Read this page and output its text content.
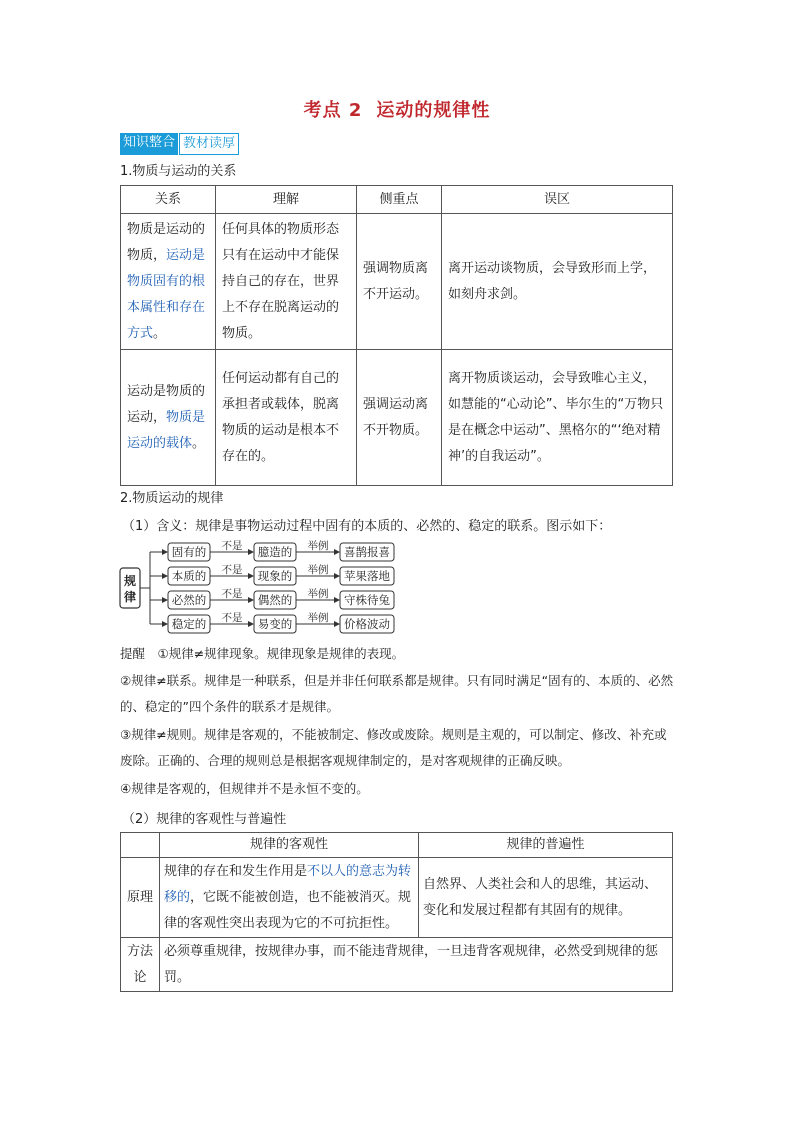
考点 2 运动的规律性
知识整合 教材读厚
1.物质与运动的关系
关系	理解	侧重点	误区
物质是运动的物质，运动是物质固有的根本属性和存在方式。	任何具体的物质形态只有在运动中才能保持自己的存在，世界上不存在脱离运动的物质。	强调物质离不开运动。	离开运动谈物质，会导致形而上学，如刻舟求剑。
运动是物质的运动，物质是运动的载体。	任何运动都有自己的承担者或载体，脱离物质的运动是根本不存在的。	强调运动离不开物质。	离开物质谈运动，会导致唯心主义，如慧能的“心动论”、毕尔生的“万物只是在概念中运动”、黑格尔的“‘绝对精神’的自我运动”。
2.物质运动的规律
（1）含义：规律是事物运动过程中固有的本质的、必然的、稳定的联系。图示如下：
规
律
固有的 不是 臆造的 举例 喜鹊报喜
本质的 不是 现象的 举例 苹果落地
必然的 不是 偶然的 举例 守株待兔
稳定的 不是 易变的 举例 价格波动
提醒　①规律≠规律现象。规律现象是规律的表现。
②规律≠联系。规律是一种联系，但是并非任何联系都是规律。只有同时满足“固有的、本质的、必然的、稳定的”四个条件的联系才是规律。
③规律≠规则。规律是客观的，不能被制定、修改或废除。规则是主观的，可以制定、修改、补充或废除。正确的、合理的规则总是根据客观规律制定的，是对客观规律的正确反映。
④规律是客观的，但规律并不是永恒不变的。
（2）规律的客观性与普遍性
	规律的客观性	规律的普遍性
原理	规律的存在和发生作用是不以人的意志为转移的，它既不能被创造，也不能被消灭。规律的客观性突出表现为它的不可抗拒性。	自然界、人类社会和人的思维，其运动、变化和发展过程都有其固有的规律。
方法论	必须尊重规律，按规律办事，而不能违背规律，一旦违背客观规律，必然受到规律的惩罚。	
